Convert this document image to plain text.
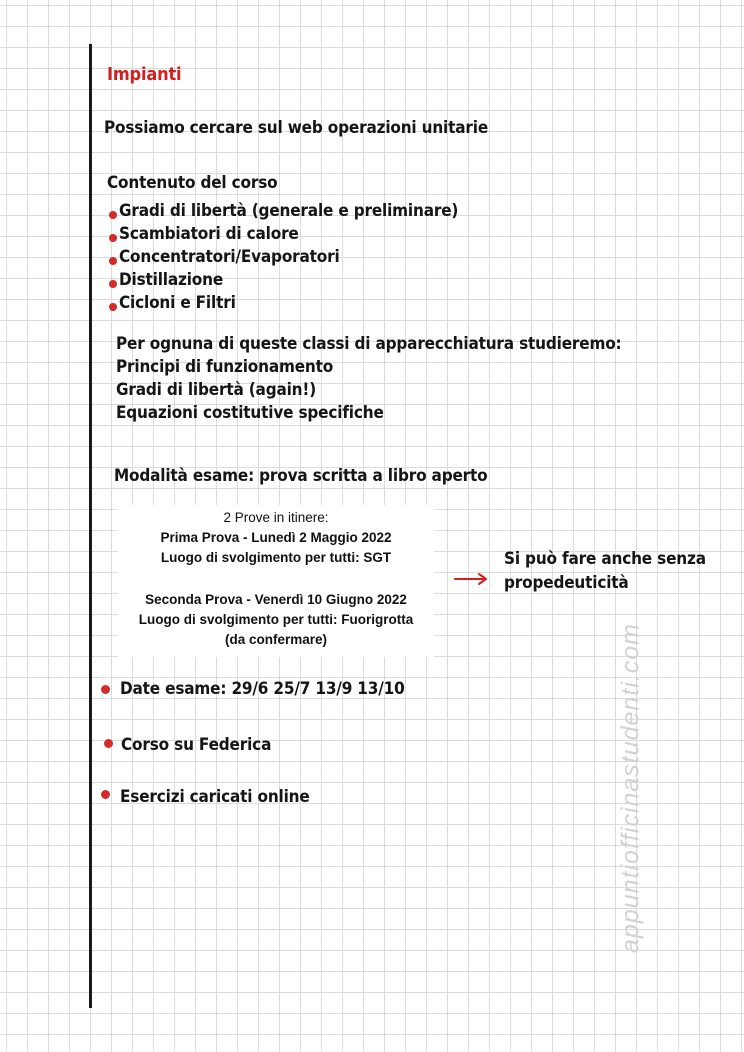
Impianti
Possiamo cercare sul web operazioni unitarie
Contenuto del corso
Gradi di libertà (generale e preliminare)
Scambiatori di calore
Concentratori/Evaporatori
Distillazione
Cicloni e Filtri
Per ognuna di queste classi di apparecchiatura studieremo:
Principi di funzionamento
Gradi di libertà (again!)
Equazioni costitutive specifiche
Modalità esame: prova scritta a libro aperto
2 Prove in itinere:
Prima Prova - Lunedì 2 Maggio 2022
Luogo di svolgimento per tutti: SGT
Seconda Prova - Venerdì 10 Giugno 2022
Luogo di svolgimento per tutti: Fuorigrotta
(da confermare)
Si può fare anche senza
propedeuticità
Date esame: 29/6 25/7 13/9 13/10
Corso su Federica
Esercizi caricati online	appuntiofficinastudenti.com
